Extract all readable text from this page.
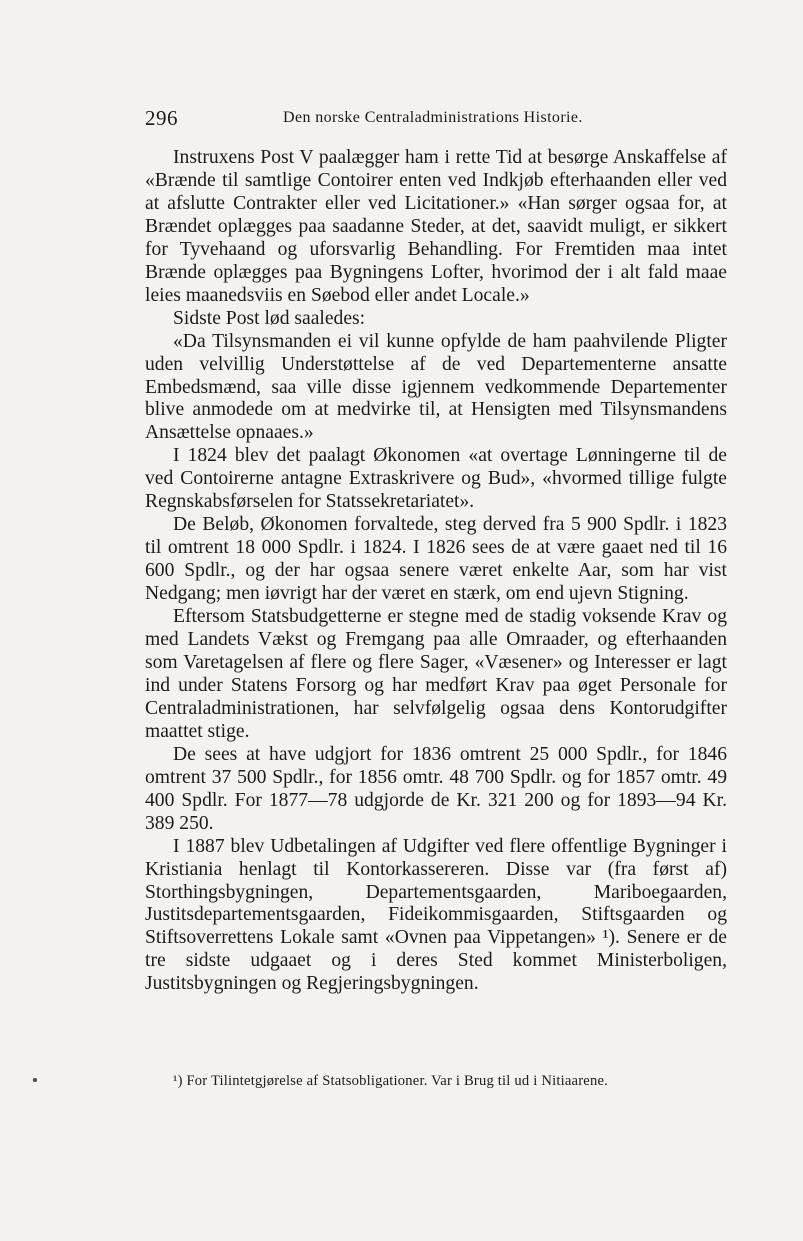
296	Den norske Centraladministrations Historie.

Instruxens Post V paalægger ham i rette Tid at besørge Anskaffelse af «Brænde til samtlige Contoirer enten ved Indkjøb efterhaanden eller ved at afslutte Contrakter eller ved Licitationer.» «Han sørger ogsaa for, at Brændet oplægges paa saadanne Steder, at det, saavidt muligt, er sikkert for Tyvehaand og uforsvarlig Behandling. For Fremtiden maa intet Brænde oplægges paa Bygningens Lofter, hvorimod der i alt fald maae leies maanedsviis en Søebod eller andet Locale.»

Sidste Post lød saaledes:

«Da Tilsynsmanden ei vil kunne opfylde de ham paahvilende Pligter uden velvillig Understøttelse af de ved Departementerne ansatte Embedsmænd, saa ville disse igjennem vedkommende Departementer blive anmodede om at medvirke til, at Hensigten med Tilsynsmandens Ansættelse opnaaes.»

I 1824 blev det paalagt Økonomen «at overtage Lønningerne til de ved Contoirerne antagne Extraskrivere og Bud», «hvormed tillige fulgte Regnskabsførselen for Statssekretariatet».

De Beløb, Økonomen forvaltede, steg derved fra 5 900 Spdlr. i 1823 til omtrent 18 000 Spdlr. i 1824. I 1826 sees de at være gaaet ned til 16 600 Spdlr., og der har ogsaa senere været enkelte Aar, som har vist Nedgang; men iøvrigt har der været en stærk, om end ujevn Stigning.

Eftersom Statsbudgetterne er stegne med de stadig voksende Krav og med Landets Vækst og Fremgang paa alle Omraader, og efterhaanden som Varetagelsen af flere og flere Sager, «Væsener» og Interesser er lagt ind under Statens Forsorg og har medført Krav paa øget Personale for Centraladministrationen, har selvfølgelig ogsaa dens Kontorudgifter maattet stige.

De sees at have udgjort for 1836 omtrent 25 000 Spdlr., for 1846 omtrent 37 500 Spdlr., for 1856 omtr. 48 700 Spdlr. og for 1857 omtr. 49 400 Spdlr. For 1877—78 udgjorde de Kr. 321 200 og for 1893—94 Kr. 389 250.

I 1887 blev Udbetalingen af Udgifter ved flere offentlige Bygninger i Kristiania henlagt til Kontorkassereren. Disse var (fra først af) Storthingsbygningen, Departementsgaarden, Mariboegaarden, Justitsdepartementsgaarden, Fideikommisgaarden, Stiftsgaarden og Stiftsoverrettens Lokale samt «Ovnen paa Vippetangen» ¹). Senere er de tre sidste udgaaet og i deres Sted kommet Ministerboligen, Justitsbygningen og Regjeringsbygningen.

¹) For Tilintetgjørelse af Statsobligationer. Var i Brug til ud i Nitiaarene.
